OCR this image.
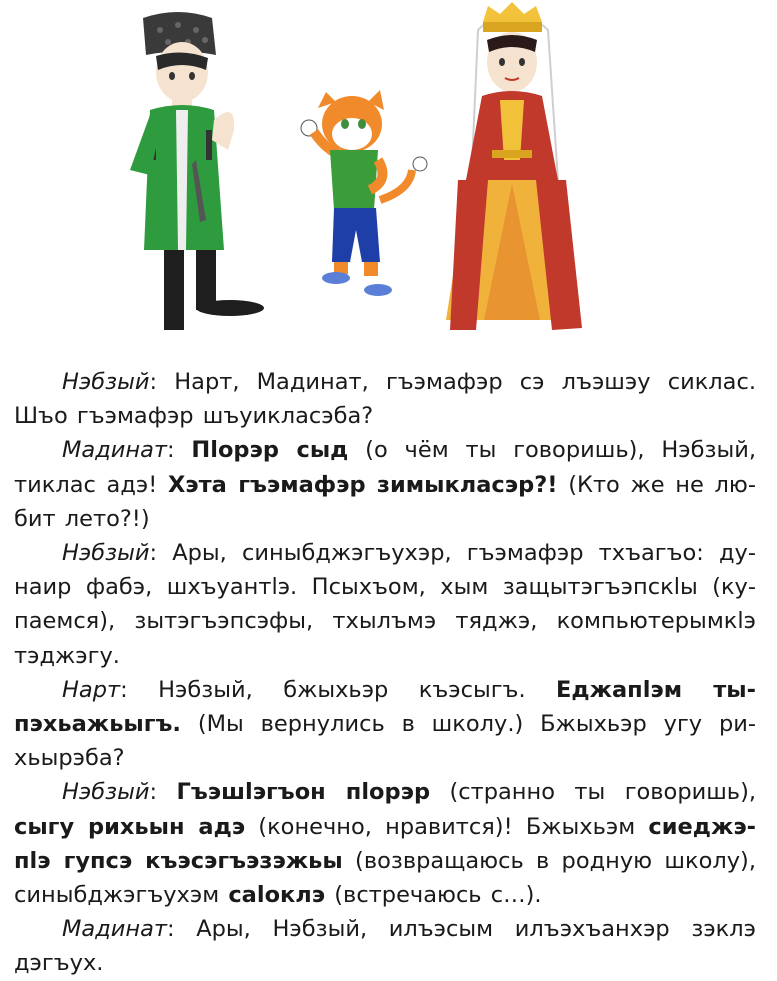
Нэбзый: Нарт, Мадинат, гъэмафэр сэ лъэшэу сиклас. Шъо гъэмафэр шъуикласэба?

Мадинат: Пlорэр сыд (о чём ты говоришь), Нэбзый, тиклас адэ! Хэта гъэмафэр зимыкласэр?! (Кто же не любит лето?!)

Нэбзый: Ары, синыбджэгъухэр, гъэмафэр тхъагъо: дунаир фабэ, шхъуантlэ. Псыхъом, хым защытэгъэпскlы (купаемся), зытэгъэпсэфы, тхылъмэ тяджэ, компьютерымкlэ тэджэгу.

Нарт: Нэбзый, бжыхьэр къэсыгъ. Еджапlэм тыпэхьажьыгъ. (Мы вернулись в школу.) Бжыхьэр угу рихьырэба?

Нэбзый: Гъэшlэгъон пlорэр (странно ты говоришь), сыгу рихьын адэ (конечно, нравится)! Бжыхьэм сиеджэпlэ гупсэ къэсэгъэзэжьы (возвращаюсь в родную школу), синыбджэгъухэм сalоклэ (встречаюсь с…).

Мадинат: Ары, Нэбзый, илъэсым илъэхъанхэр зэклэ дэгъух.
